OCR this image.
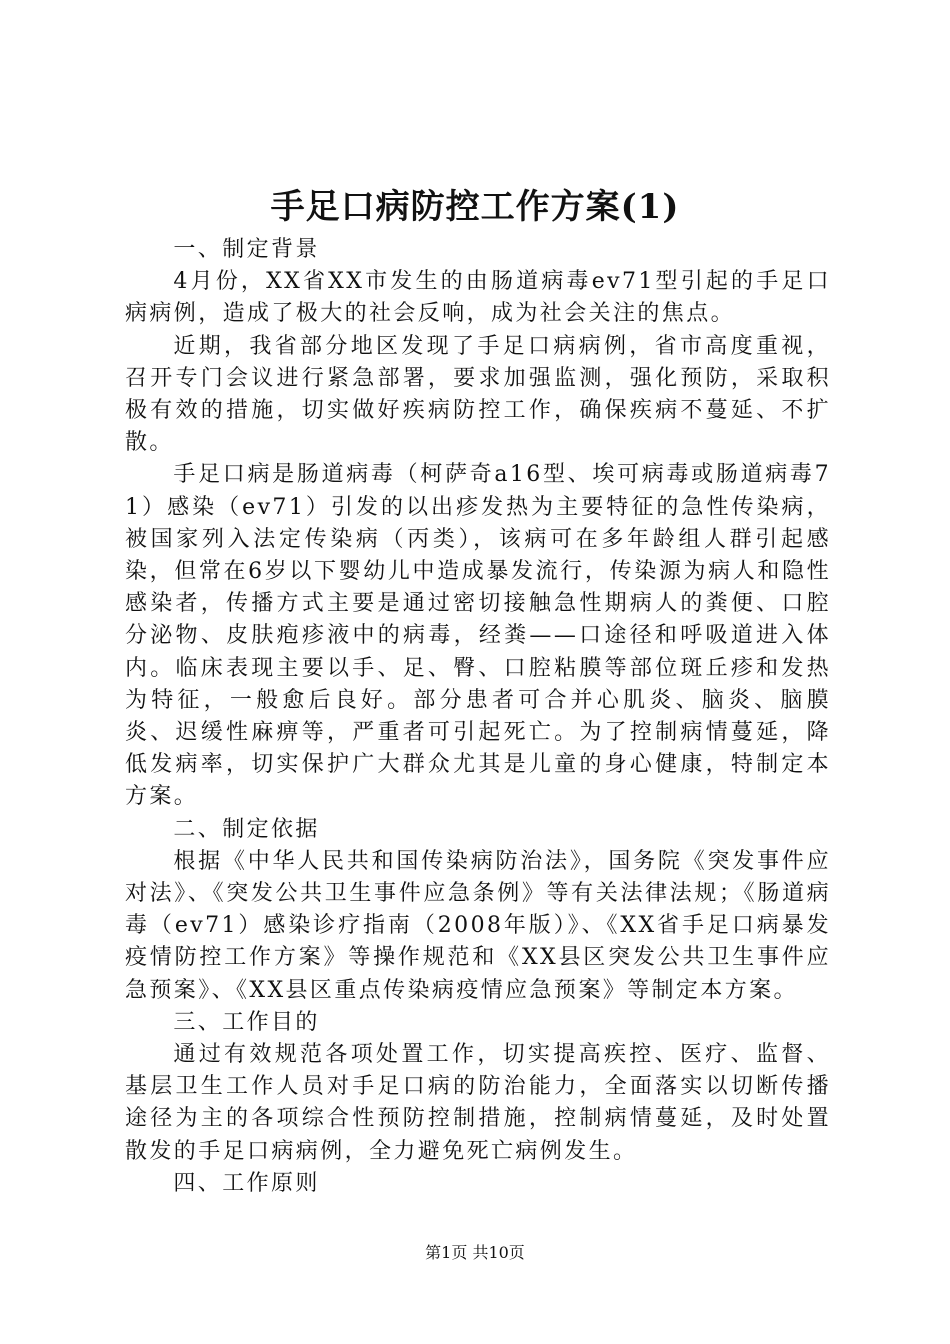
手足口病防控工作方案(1)

一、制定背景

4月份，XX省XX市发生的由肠道病毒ev71型引起的手足口病病例，造成了极大的社会反响，成为社会关注的焦点。

近期，我省部分地区发现了手足口病病例，省市高度重视，召开专门会议进行紧急部署，要求加强监测，强化预防，采取积极有效的措施，切实做好疾病防控工作，确保疾病不蔓延、不扩散。

手足口病是肠道病毒（柯萨奇a16型、埃可病毒或肠道病毒71）感染（ev71）引发的以出疹发热为主要特征的急性传染病，被国家列入法定传染病（丙类），该病可在多年龄组人群引起感染，但常在6岁以下婴幼儿中造成暴发流行，传染源为病人和隐性感染者，传播方式主要是通过密切接触急性期病人的粪便、口腔分泌物、皮肤疱疹液中的病毒，经粪——口途径和呼吸道进入体内。临床表现主要以手、足、臀、口腔粘膜等部位斑丘疹和发热为特征，一般愈后良好。部分患者可合并心肌炎、脑炎、脑膜炎、迟缓性麻痹等，严重者可引起死亡。为了控制病情蔓延，降低发病率，切实保护广大群众尤其是儿童的身心健康，特制定本方案。

二、制定依据

根据《中华人民共和国传染病防治法》，国务院《突发事件应对法》、《突发公共卫生事件应急条例》等有关法律法规；《肠道病毒（ev71）感染诊疗指南（2008年版）》、《XX省手足口病暴发疫情防控工作方案》等操作规范和《XX县区突发公共卫生事件应急预案》、《XX县区重点传染病疫情应急预案》等制定本方案。

三、工作目的

通过有效规范各项处置工作，切实提高疾控、医疗、监督、基层卫生工作人员对手足口病的防治能力，全面落实以切断传播途径为主的各项综合性预防控制措施，控制病情蔓延，及时处置散发的手足口病病例，全力避免死亡病例发生。

四、工作原则

第1页 共10页
